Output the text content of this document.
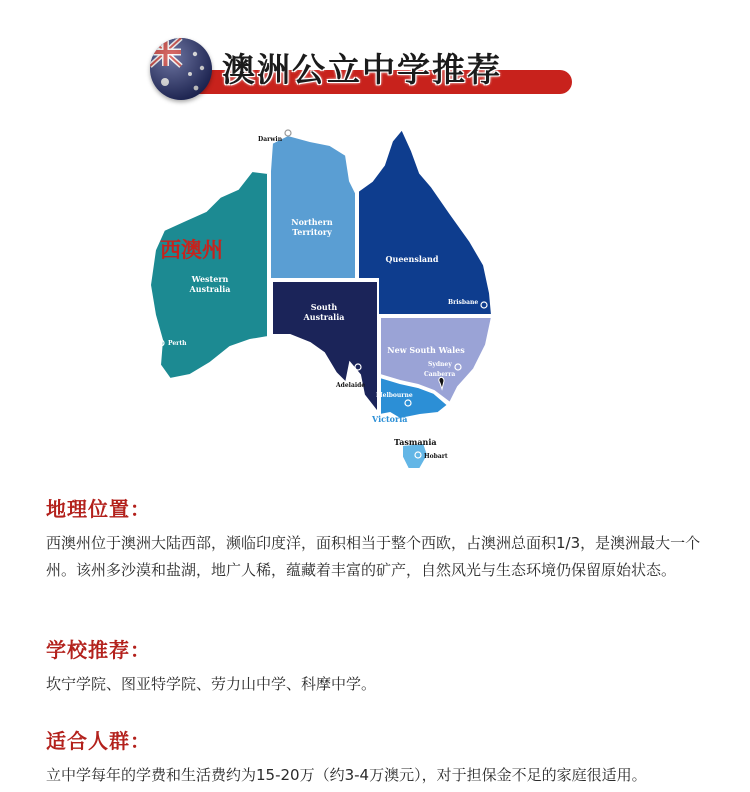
澳洲公立中学推荐
西澳州
Northern
Territory
Western
Australia
Queensland
South
Australia
New South Wales
Victoria
Tasmania
Darwin
Perth
Brisbane
Adelaide
Sydney
Canberra
Melbourne
Hobart

地理位置：

西澳州位于澳洲大陆西部，濒临印度洋，面积相当于整个西欧，占澳洲总面积1/3，是澳洲最大一个州。该州多沙漠和盐湖，地广人稀，蕴藏着丰富的矿产，自然风光与生态环境仍保留原始状态。

学校推荐：

坎宁学院、图亚特学院、劳力山中学、科摩中学。

适合人群：

立中学每年的学费和生活费约为15-20万（约3-4万澳元），对于担保金不足的家庭很适用。
